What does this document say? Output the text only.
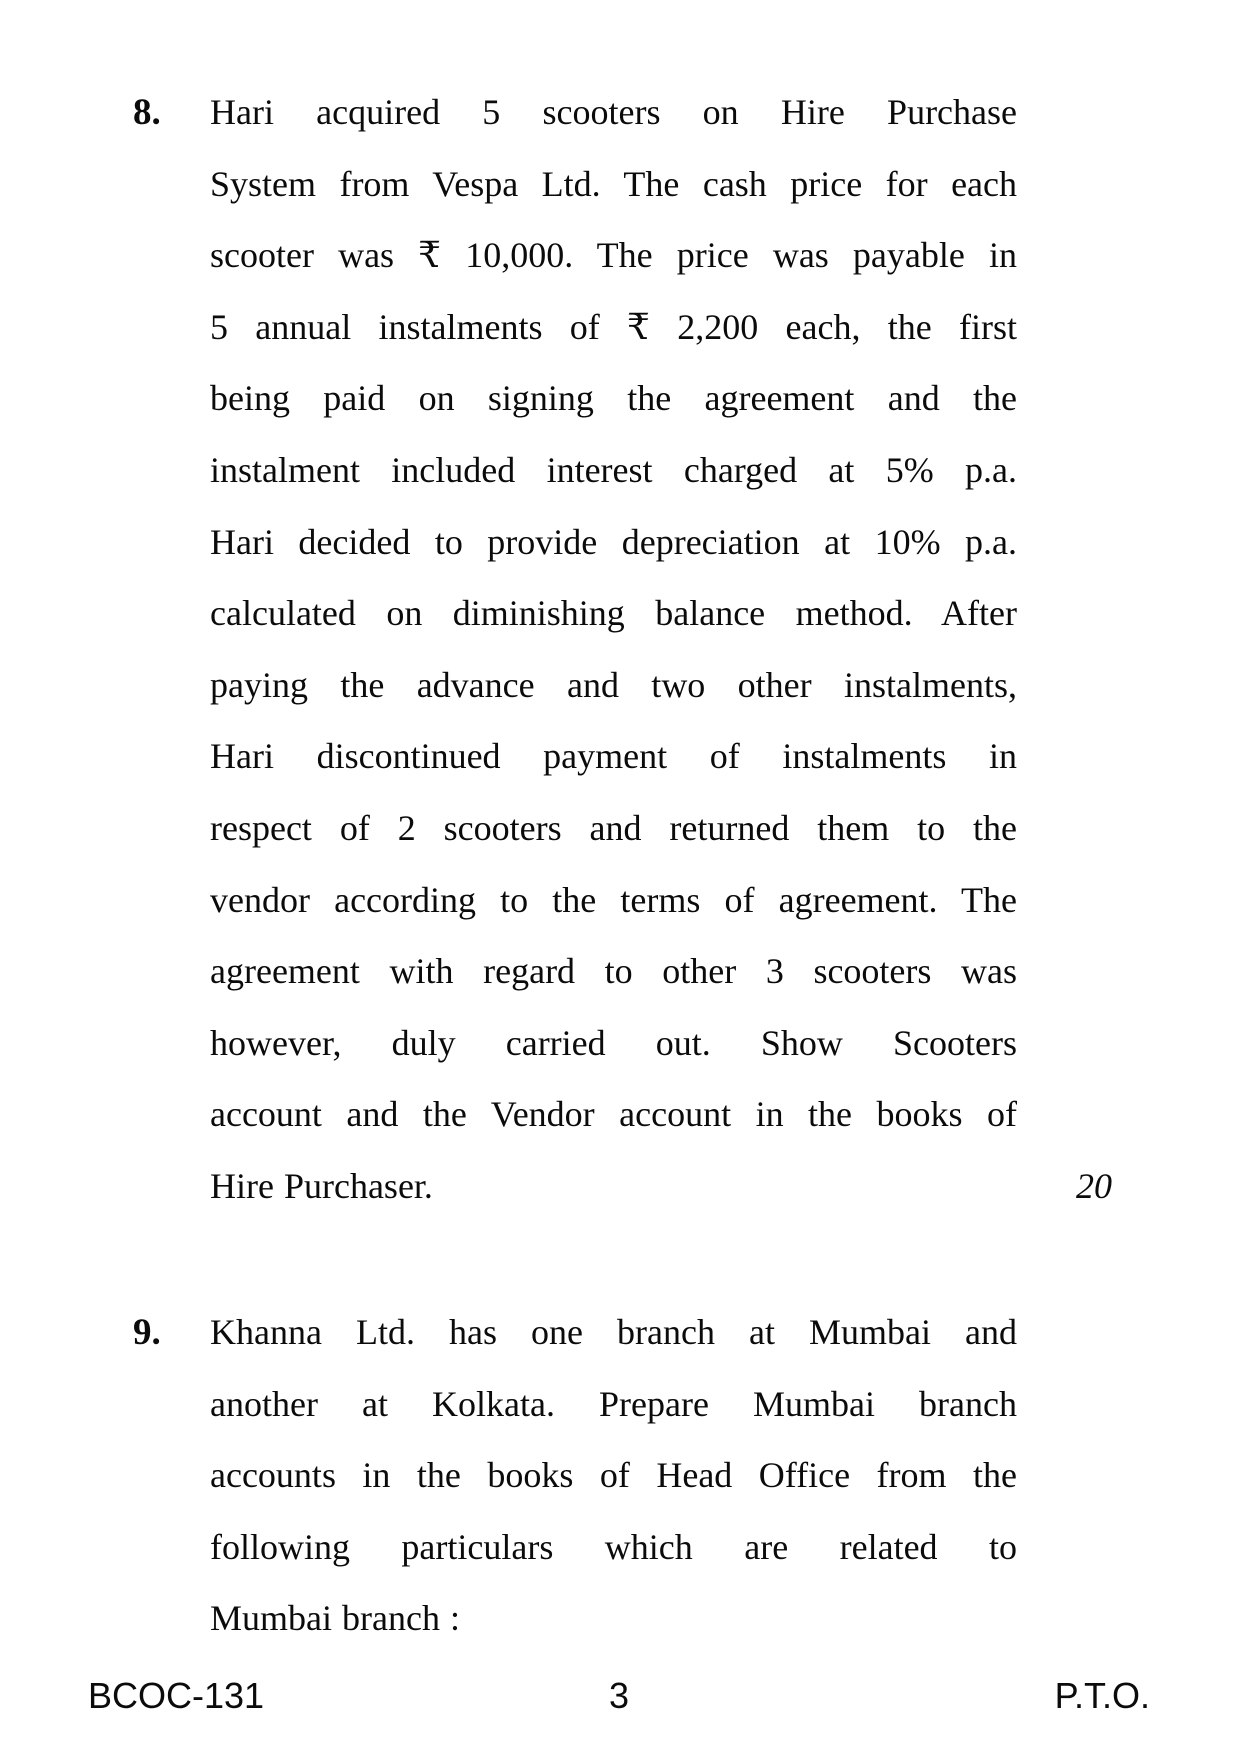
8.	Hari acquired 5 scooters on Hire Purchase
System from Vespa Ltd. The cash price for each
scooter was ₹ 10,000. The price was payable in
5 annual instalments of ₹ 2,200 each, the first
being paid on signing the agreement and the
instalment included interest charged at 5% p.a.
Hari decided to provide depreciation at 10% p.a.
calculated on diminishing balance method. After
paying the advance and two other instalments,
Hari discontinued payment of instalments in
respect of 2 scooters and returned them to the
vendor according to the terms of agreement. The
agreement with regard to other 3 scooters was
however, duly carried out. Show Scooters
account and the Vendor account in the books of
Hire Purchaser.	20
9.	Khanna Ltd. has one branch at Mumbai and
another at Kolkata. Prepare Mumbai branch
accounts in the books of Head Office from the
following particulars which are related to
Mumbai branch :
BCOC-131	3	P.T.O.
